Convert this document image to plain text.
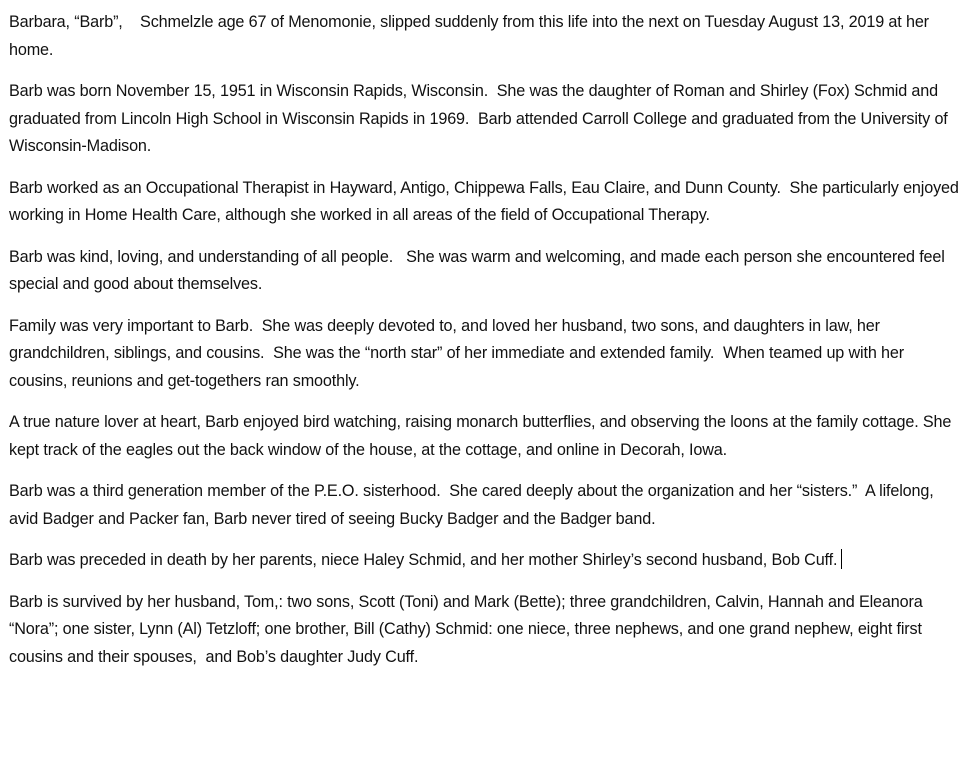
Barbara, “Barb”,    Schmelzle age 67 of Menomonie, slipped suddenly from this life into the next on Tuesday August 13, 2019 at her home.

Barb was born November 15, 1951 in Wisconsin Rapids, Wisconsin.  She was the daughter of Roman and Shirley (Fox) Schmid and graduated from Lincoln High School in Wisconsin Rapids in 1969.  Barb attended Carroll College and graduated from the University of Wisconsin-Madison.

Barb worked as an Occupational Therapist in Hayward, Antigo, Chippewa Falls, Eau Claire, and Dunn County.  She particularly enjoyed working in Home Health Care, although she worked in all areas of the field of Occupational Therapy.

Barb was kind, loving, and understanding of all people.   She was warm and welcoming, and made each person she encountered feel special and good about themselves.

Family was very important to Barb.  She was deeply devoted to, and loved her husband, two sons, and daughters in law, her grandchildren, siblings, and cousins.  She was the “north star” of her immediate and extended family.  When teamed up with her cousins, reunions and get-togethers ran smoothly.

A true nature lover at heart, Barb enjoyed bird watching, raising monarch butterflies, and observing the loons at the family cottage. She kept track of the eagles out the back window of the house, at the cottage, and online in Decorah, Iowa.

Barb was a third generation member of the P.E.O. sisterhood.  She cared deeply about the organization and her “sisters.”  A lifelong, avid Badger and Packer fan, Barb never tired of seeing Bucky Badger and the Badger band.

Barb was preceded in death by her parents, niece Haley Schmid, and her mother Shirley’s second husband, Bob Cuff.

Barb is survived by her husband, Tom,: two sons, Scott (Toni) and Mark (Bette); three grandchildren, Calvin, Hannah and Eleanora “Nora”; one sister, Lynn (Al) Tetzloff; one brother, Bill (Cathy) Schmid: one niece, three nephews, and one grand nephew, eight first cousins and their spouses,  and Bob’s daughter Judy Cuff.
